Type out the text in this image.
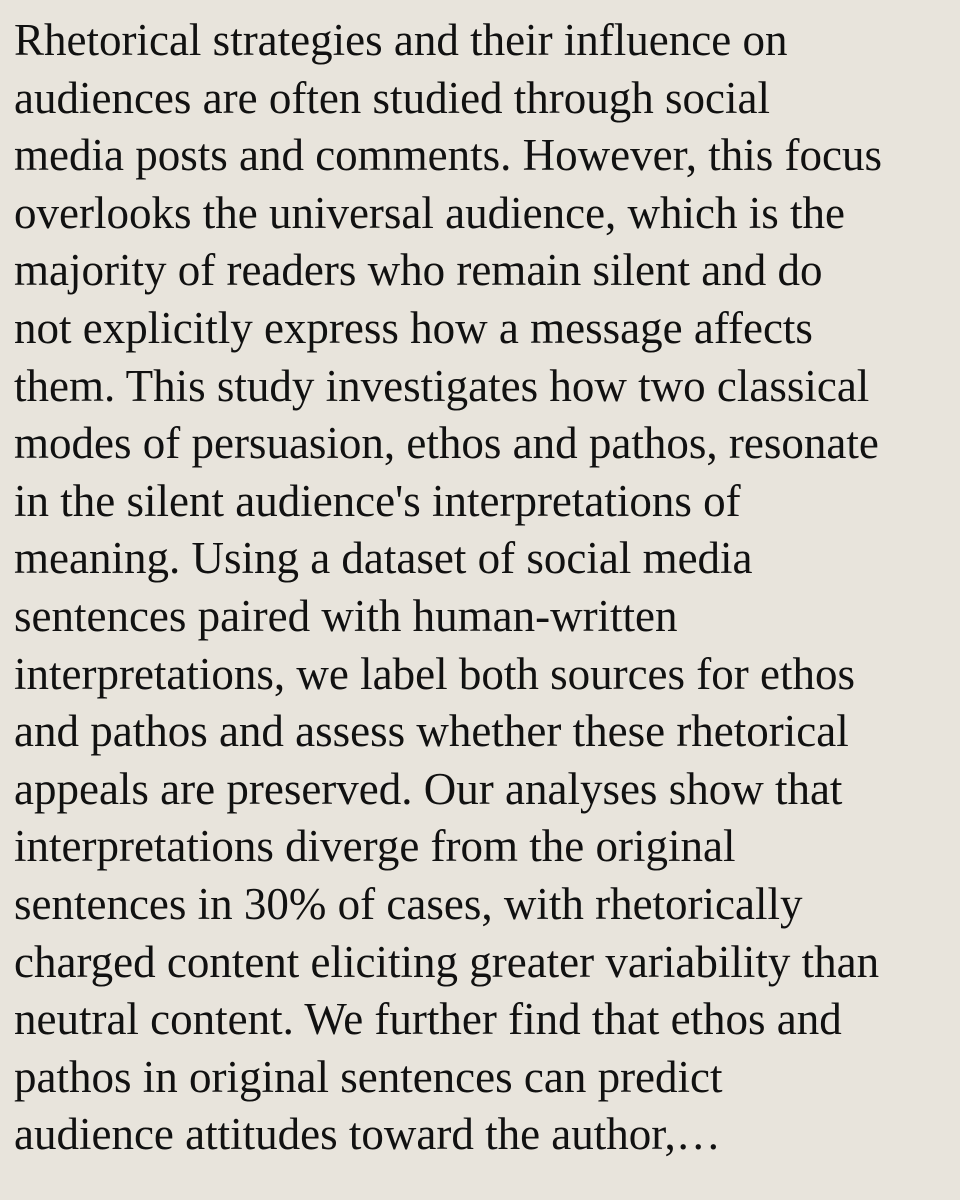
Rhetorical strategies and their influence on
audiences are often studied through social
media posts and comments. However, this focus
overlooks the universal audience, which is the
majority of readers who remain silent and do
not explicitly express how a message affects
them. This study investigates how two classical
modes of persuasion, ethos and pathos, resonate
in the silent audience's interpretations of
meaning. Using a dataset of social media
sentences paired with human-written
interpretations, we label both sources for ethos
and pathos and assess whether these rhetorical
appeals are preserved. Our analyses show that
interpretations diverge from the original
sentences in 30% of cases, with rhetorically
charged content eliciting greater variability than
neutral content. We further find that ethos and
pathos in original sentences can predict
audience attitudes toward the author,…
